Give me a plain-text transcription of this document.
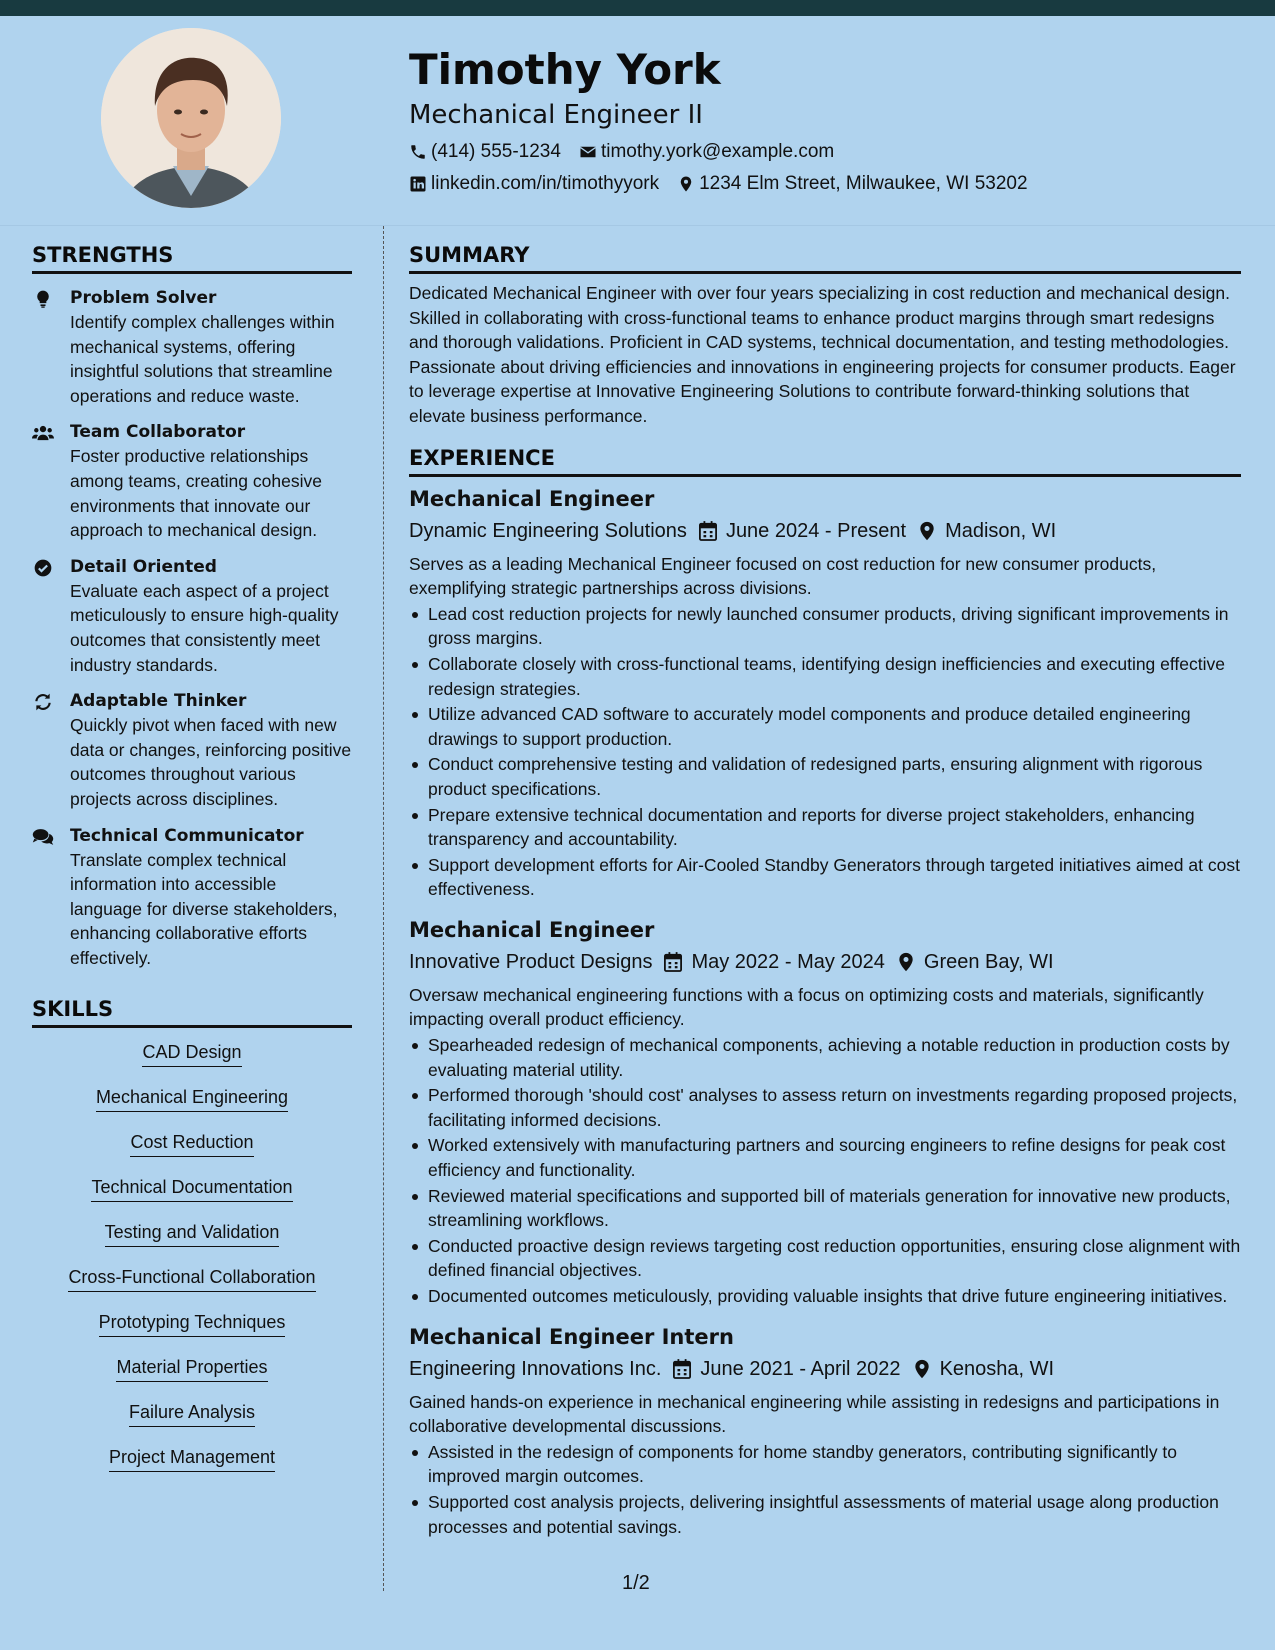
Timothy York
Mechanical Engineer II
(414) 555-1234 timothy.york@example.com
linkedin.com/in/timothyyork 1234 Elm Street, Milwaukee, WI 53202
STRENGTHS
Problem Solver
Identify complex challenges within mechanical systems, offering insightful solutions that streamline operations and reduce waste.
Team Collaborator
Foster productive relationships among teams, creating cohesive environments that innovate our approach to mechanical design.
Detail Oriented
Evaluate each aspect of a project meticulously to ensure high-quality outcomes that consistently meet industry standards.
Adaptable Thinker
Quickly pivot when faced with new data or changes, reinforcing positive outcomes throughout various projects across disciplines.
Technical Communicator
Translate complex technical information into accessible language for diverse stakeholders, enhancing collaborative efforts effectively.
SKILLS
CAD Design
Mechanical Engineering
Cost Reduction
Technical Documentation
Testing and Validation
Cross-Functional Collaboration
Prototyping Techniques
Material Properties
Failure Analysis
Project Management
SUMMARY
Dedicated Mechanical Engineer with over four years specializing in cost reduction and mechanical design. Skilled in collaborating with cross-functional teams to enhance product margins through smart redesigns and thorough validations. Proficient in CAD systems, technical documentation, and testing methodologies. Passionate about driving efficiencies and innovations in engineering projects for consumer products. Eager to leverage expertise at Innovative Engineering Solutions to contribute forward-thinking solutions that elevate business performance.
EXPERIENCE
Mechanical Engineer
Dynamic Engineering Solutions June 2024 - Present Madison, WI
Serves as a leading Mechanical Engineer focused on cost reduction for new consumer products, exemplifying strategic partnerships across divisions.
Lead cost reduction projects for newly launched consumer products, driving significant improvements in gross margins.
Collaborate closely with cross-functional teams, identifying design inefficiencies and executing effective redesign strategies.
Utilize advanced CAD software to accurately model components and produce detailed engineering drawings to support production.
Conduct comprehensive testing and validation of redesigned parts, ensuring alignment with rigorous product specifications.
Prepare extensive technical documentation and reports for diverse project stakeholders, enhancing transparency and accountability.
Support development efforts for Air-Cooled Standby Generators through targeted initiatives aimed at cost effectiveness.
Mechanical Engineer
Innovative Product Designs May 2022 - May 2024 Green Bay, WI
Oversaw mechanical engineering functions with a focus on optimizing costs and materials, significantly impacting overall product efficiency.
Spearheaded redesign of mechanical components, achieving a notable reduction in production costs by evaluating material utility.
Performed thorough 'should cost' analyses to assess return on investments regarding proposed projects, facilitating informed decisions.
Worked extensively with manufacturing partners and sourcing engineers to refine designs for peak cost efficiency and functionality.
Reviewed material specifications and supported bill of materials generation for innovative new products, streamlining workflows.
Conducted proactive design reviews targeting cost reduction opportunities, ensuring close alignment with defined financial objectives.
Documented outcomes meticulously, providing valuable insights that drive future engineering initiatives.
Mechanical Engineer Intern
Engineering Innovations Inc. June 2021 - April 2022 Kenosha, WI
Gained hands-on experience in mechanical engineering while assisting in redesigns and participations in collaborative developmental discussions.
Assisted in the redesign of components for home standby generators, contributing significantly to improved margin outcomes.
Supported cost analysis projects, delivering insightful assessments of material usage along production processes and potential savings.
1/2
